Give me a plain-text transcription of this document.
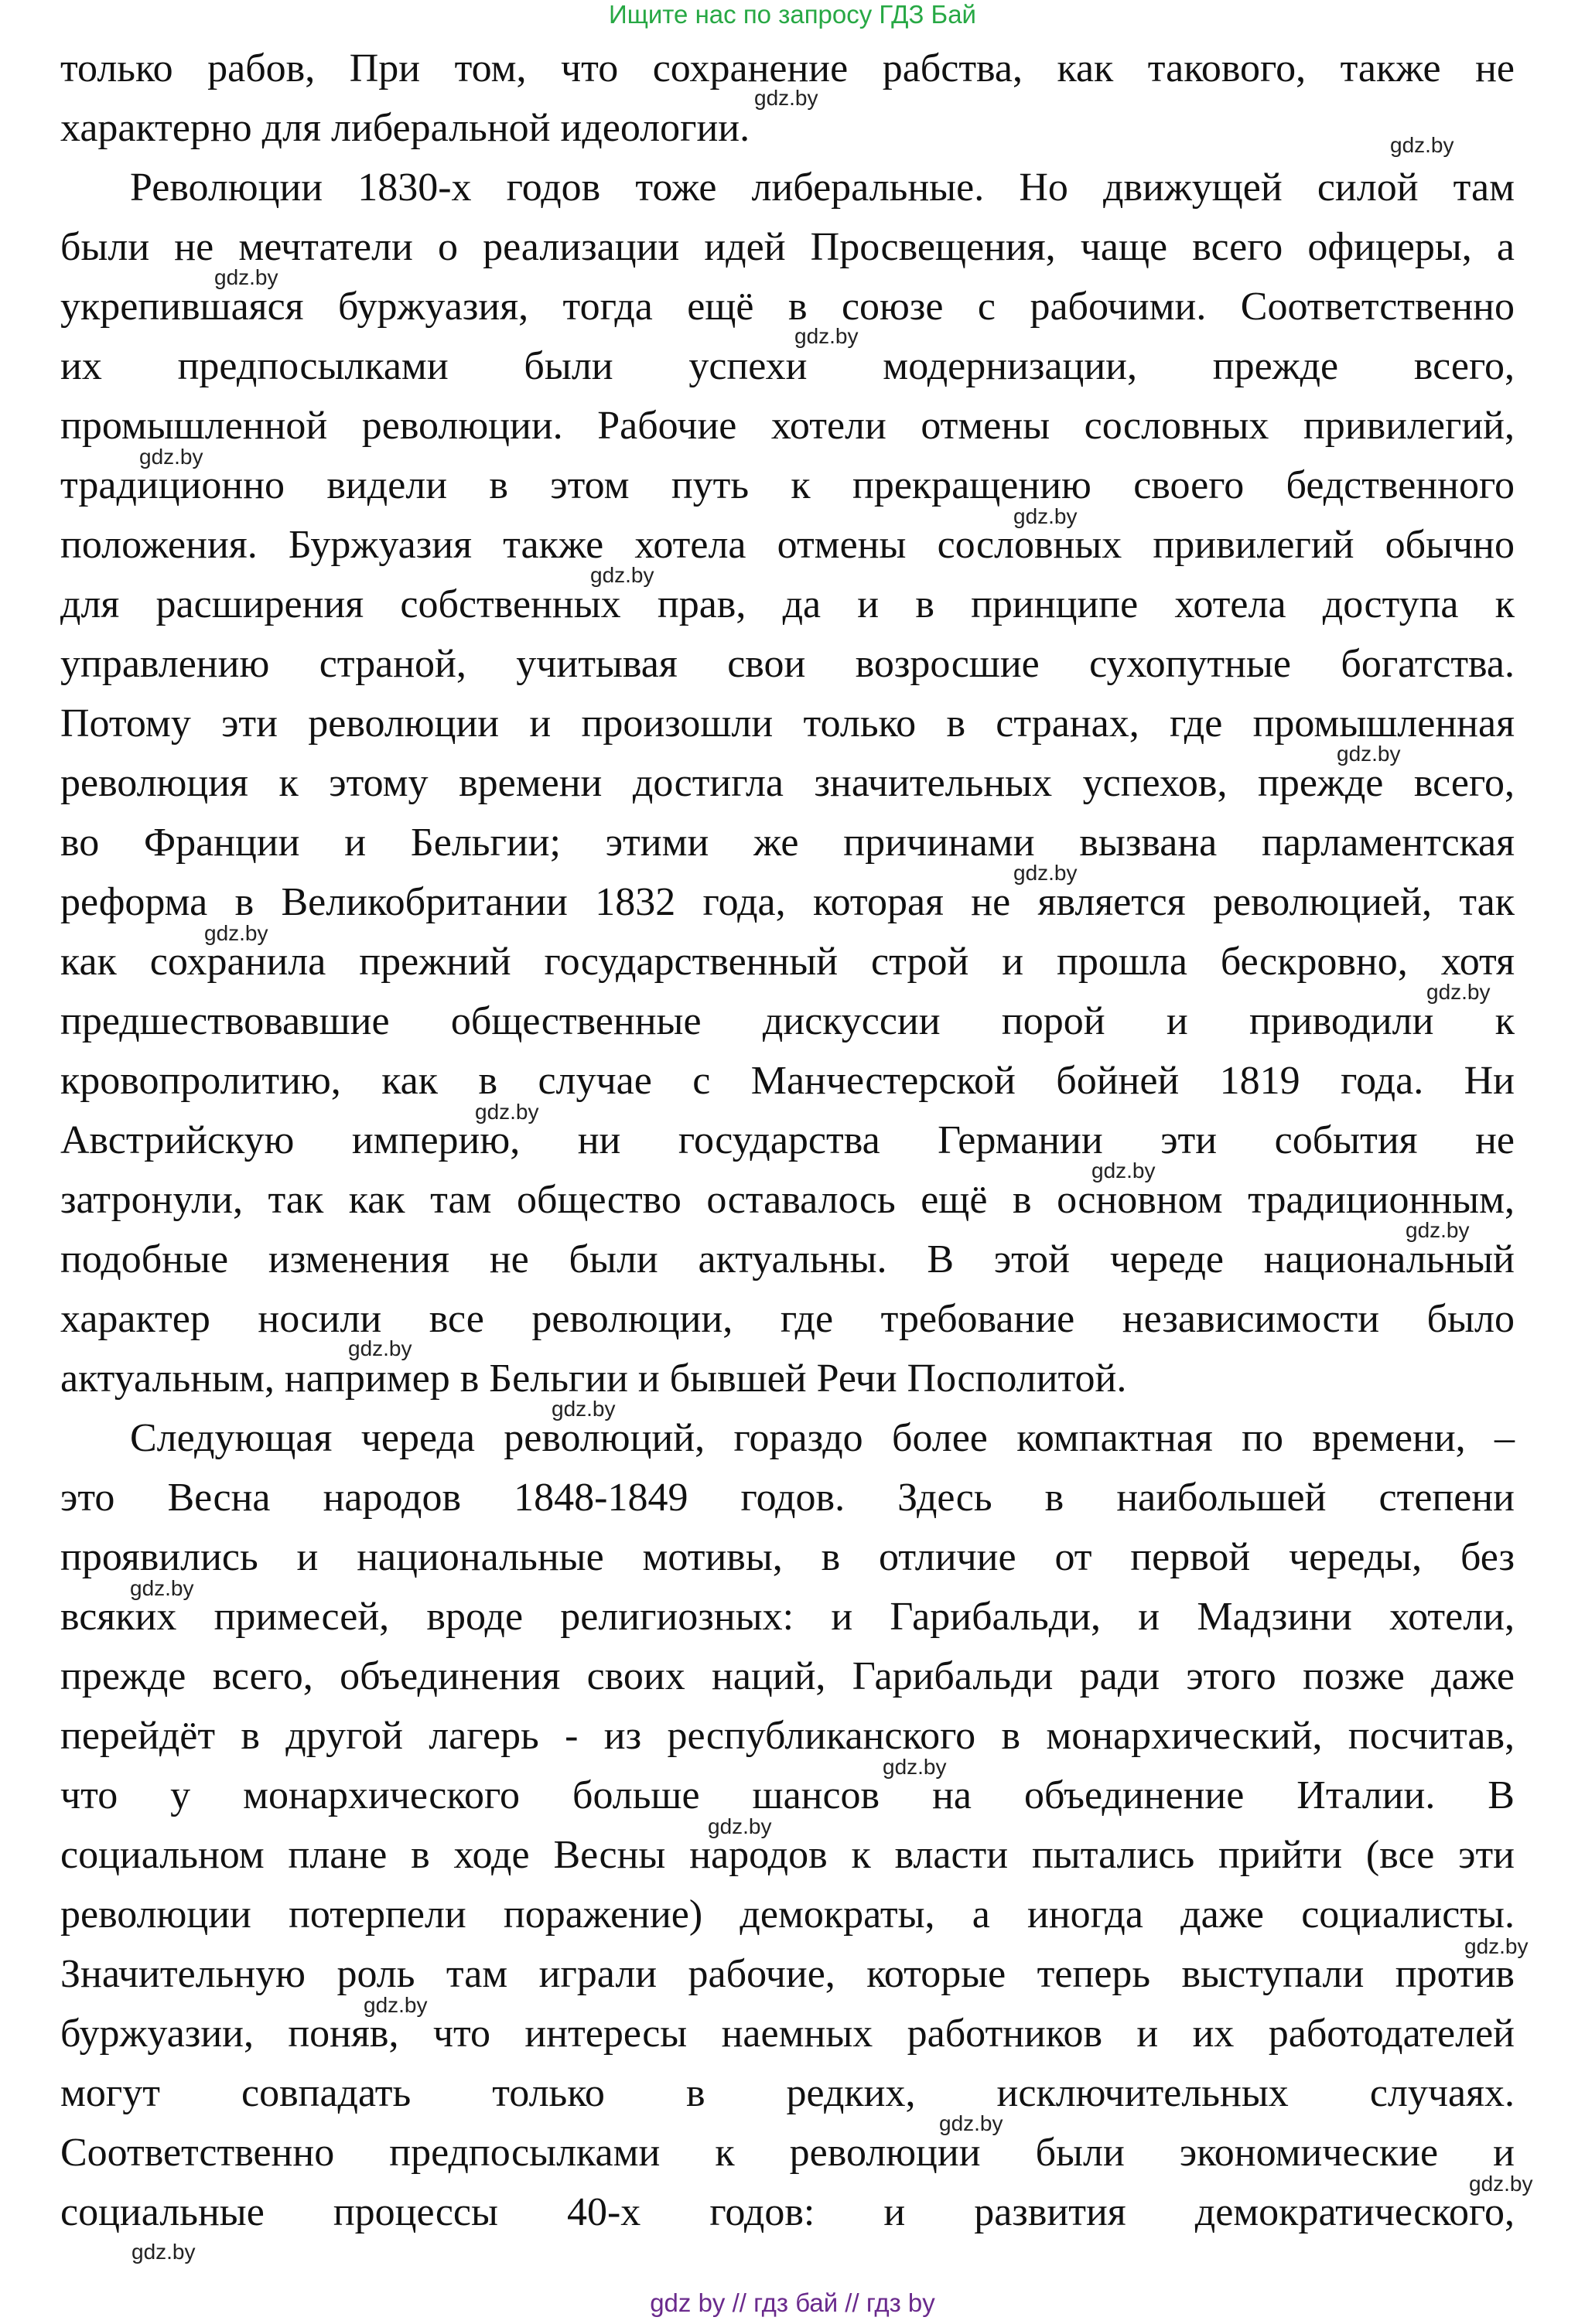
Ищите нас по запросу ГДЗ Бай

только рабов, При том, что сохранение рабства, как такового, также не
характерно для либеральной идеологии.

Революции 1830-х годов тоже либеральные. Но движущей силой там
были не мечтатели о реализации идей Просвещения, чаще всего офицеры, а
укрепившаяся буржуазия, тогда ещё в союзе с рабочими. Соответственно
их предпосылками были успехи модернизации, прежде всего,
промышленной революции. Рабочие хотели отмены сословных привилегий,
традиционно видели в этом путь к прекращению своего бедственного
положения. Буржуазия также хотела отмены сословных привилегий обычно
для расширения собственных прав, да и в принципе хотела доступа к
управлению страной, учитывая свои возросшие сухопутные богатства.
Потому эти революции и произошли только в странах, где промышленная
революция к этому времени достигла значительных успехов, прежде всего,
во Франции и Бельгии; этими же причинами вызвана парламентская
реформа в Великобритании 1832 года, которая не является революцией, так
как сохранила прежний государственный строй и прошла бескровно, хотя
предшествовавшие общественные дискуссии порой и приводили к
кровопролитию, как в случае с Манчестерской бойней 1819 года. Ни
Австрийскую империю, ни государства Германии эти события не
затронули, так как там общество оставалось ещё в основном традиционным,
подобные изменения не были актуальны. В этой череде национальный
характер носили все революции, где требование независимости было
актуальным, например в Бельгии и бывшей Речи Посполитой.

Следующая череда революций, гораздо более компактная по времени, –
это Весна народов 1848-1849 годов. Здесь в наибольшей степени
проявились и национальные мотивы, в отличие от первой череды, без
всяких примесей, вроде религиозных: и Гарибальди, и Мадзини хотели,
прежде всего, объединения своих наций, Гарибальди ради этого позже даже
перейдёт в другой лагерь - из республиканского в монархический, посчитав,
что у монархического больше шансов на объединение Италии. В
социальном плане в ходе Весны народов к власти пытались прийти (все эти
революции потерпели поражение) демократы, а иногда даже социалисты.
Значительную роль там играли рабочие, которые теперь выступали против
буржуазии, поняв, что интересы наемных работников и их работодателей
могут совпадать только в редких, исключительных случаях.
Соответственно предпосылками к революции были экономические и
социальные процессы 40-х годов: и развития демократического,

gdz.by
gdz.by
gdz.by
gdz.by
gdz.by
gdz.by
gdz.by
gdz.by
gdz.by
gdz.by
gdz.by
gdz.by
gdz.by
gdz.by
gdz.by
gdz.by
gdz.by
gdz.by
gdz.by
gdz.by
gdz.by
gdz.by
gdz.by
gdz.by
gdz by // гдз бай // гдз by
